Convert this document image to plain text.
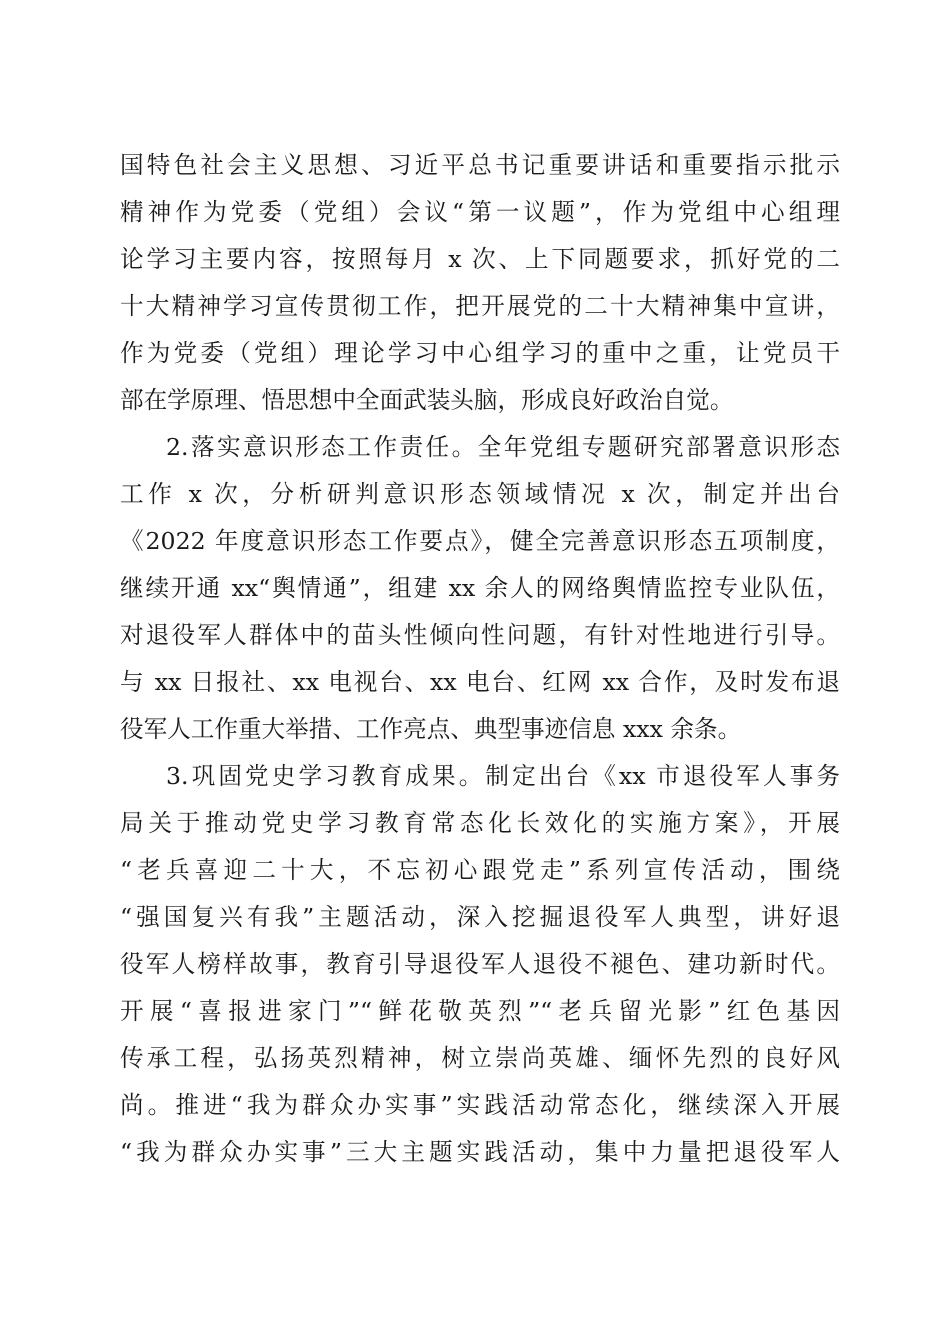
国特色社会主义思想、习近平总书记重要讲话和重要指示批示
精神作为党委（党组）会议“第一议题”，作为党组中心组理
论学习主要内容，按照每月 x 次、上下同题要求，抓好党的二
十大精神学习宣传贯彻工作，把开展党的二十大精神集中宣讲，
作为党委（党组）理论学习中心组学习的重中之重，让党员干
部在学原理、悟思想中全面武装头脑，形成良好政治自觉。
2.落实意识形态工作责任。全年党组专题研究部署意识形态
工作 x 次，分析研判意识形态领域情况 x 次，制定并出台
《2022 年度意识形态工作要点》，健全完善意识形态五项制度，
继续开通 xx“舆情通”，组建 xx 余人的网络舆情监控专业队伍，
对退役军人群体中的苗头性倾向性问题，有针对性地进行引导。
与 xx 日报社、xx 电视台、xx 电台、红网 xx 合作，及时发布退
役军人工作重大举措、工作亮点、典型事迹信息 xxx 余条。
3.巩固党史学习教育成果。制定出台《xx 市退役军人事务
局关于推动党史学习教育常态化长效化的实施方案》，开展
“老兵喜迎二十大，不忘初心跟党走”系列宣传活动，围绕
“强国复兴有我”主题活动，深入挖掘退役军人典型，讲好退
役军人榜样故事，教育引导退役军人退役不褪色、建功新时代。
开展“喜报进家门”“鲜花敬英烈”“老兵留光影”红色基因
传承工程，弘扬英烈精神，树立崇尚英雄、缅怀先烈的良好风
尚。推进“我为群众办实事”实践活动常态化，继续深入开展
“我为群众办实事”三大主题实践活动，集中力量把退役军人
